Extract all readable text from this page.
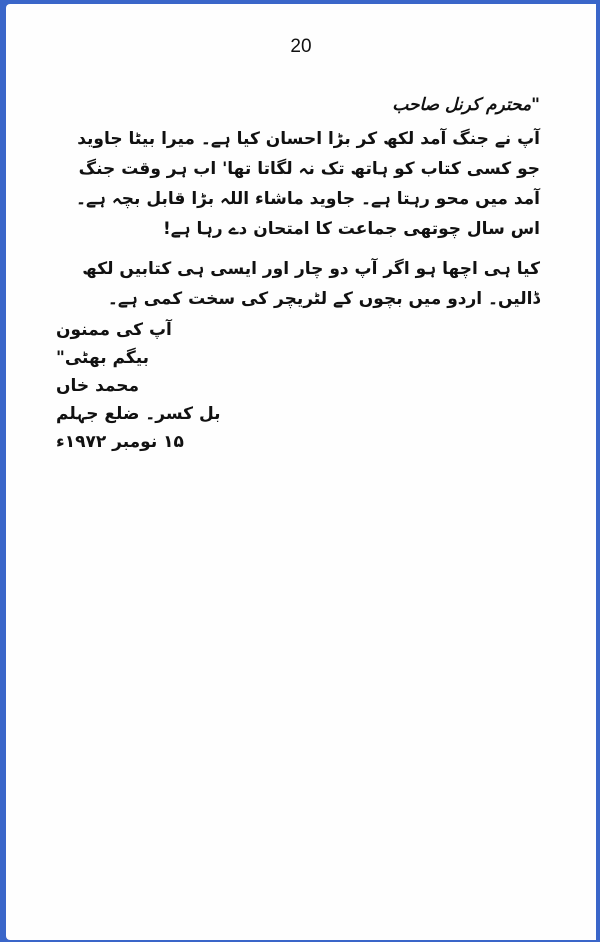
20
"محترم کرنل صاحب

آپ نے جنگ آمد لکھ کر بڑا احسان کیا ہے۔ میرا بیٹا جاوید جو کسی کتاب کو ہاتھ تک نہ لگاتا تھا' اب ہر وقت جنگ آمد میں محو رہتا ہے۔ جاوید ماشاء اللہ بڑا قابل بچہ ہے۔ اس سال چوتھی جماعت کا امتحان دے رہا ہے!

کیا ہی اچھا ہو اگر آپ دو چار اور ایسی ہی کتابیں لکھ ڈالیں۔ اردو میں بچوں کے لٹریچر کی سخت کمی ہے۔

آپ کی ممنون
بیگم بھٹی"
محمد خاں
بل کسر۔ ضلع جہلم
۱۵ نومبر ۱۹۷۲ء
